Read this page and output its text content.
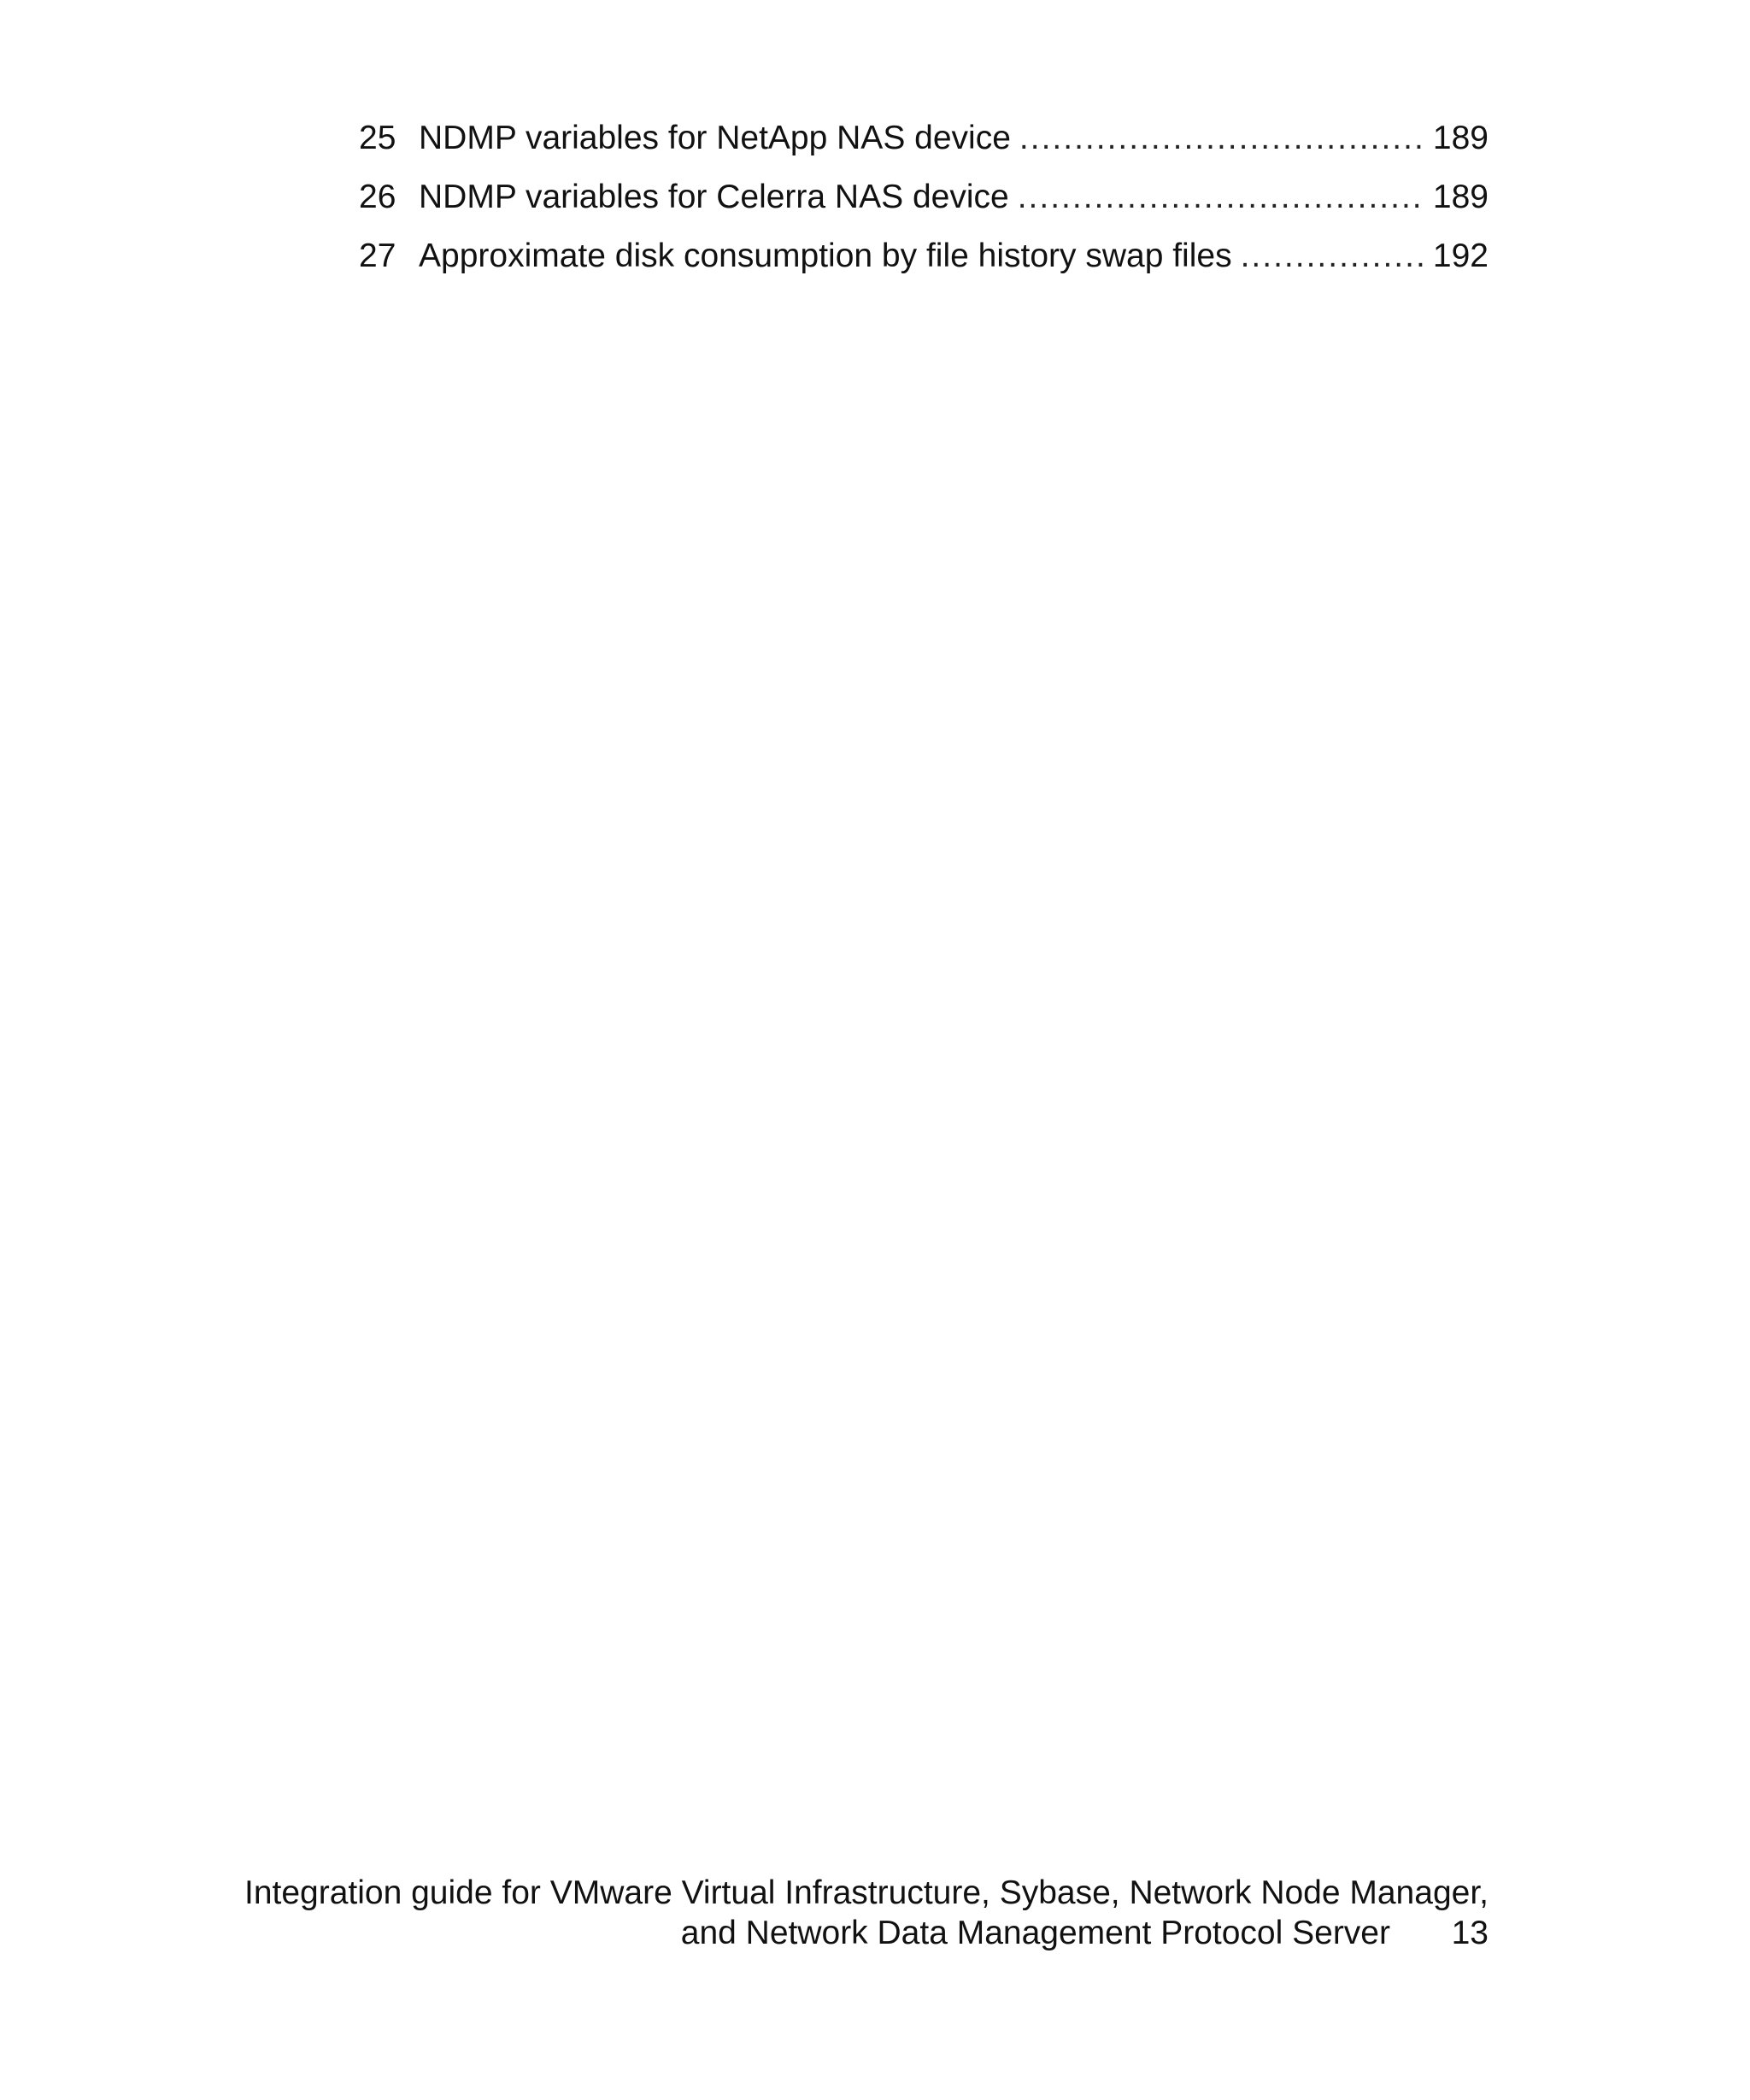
25 NDMP variables for NetApp NAS device .....	189
26 NDMP variables for Celerra NAS device .....	189
27 Approximate disk consumption by file history swap files .....	192
Integration guide for VMware Virtual Infrastructure, Sybase, Network Node Manager,
and Network Data Management Protocol Server	13
